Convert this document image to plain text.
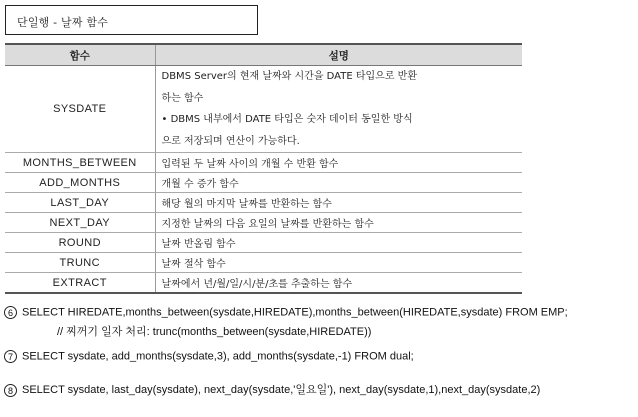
단일행 - 날짜 함수
함수	설명
SYSDATE	DBMS Server의 현재 날짜와 시간을 DATE 타입으로 반환
하는 함수
• DBMS 내부에서 DATE 타입은 숫자 데이터 동일한 방식
으로 저장되며 연산이 가능하다.

MONTHS_BETWEEN	입력된 두 날짜 사이의 개월 수 반환 함수
ADD_MONTHS	개월 수 증가 함수
LAST_DAY	해당 월의 마지막 날짜를 반환하는 함수
NEXT_DAY	지정한 날짜의 다음 요일의 날짜를 반환하는 함수
ROUND	날짜 반올림 함수
TRUNC	날짜 절삭 함수
EXTRACT	날짜에서 년/월/일/시/분/초를 추출하는 함수
6 SELECT HIREDATE,months_between(sysdate,HIREDATE),months_between(HIREDATE,sysdate) FROM EMP;
// 찌꺼기 일자 처리: trunc(months_between(sysdate,HIREDATE))
7 SELECT sysdate, add_months(sysdate,3), add_months(sysdate,-1) FROM dual;
8 SELECT sysdate, last_day(sysdate), next_day(sysdate,'일요일'), next_day(sysdate,1),next_day(sysdate,2)
